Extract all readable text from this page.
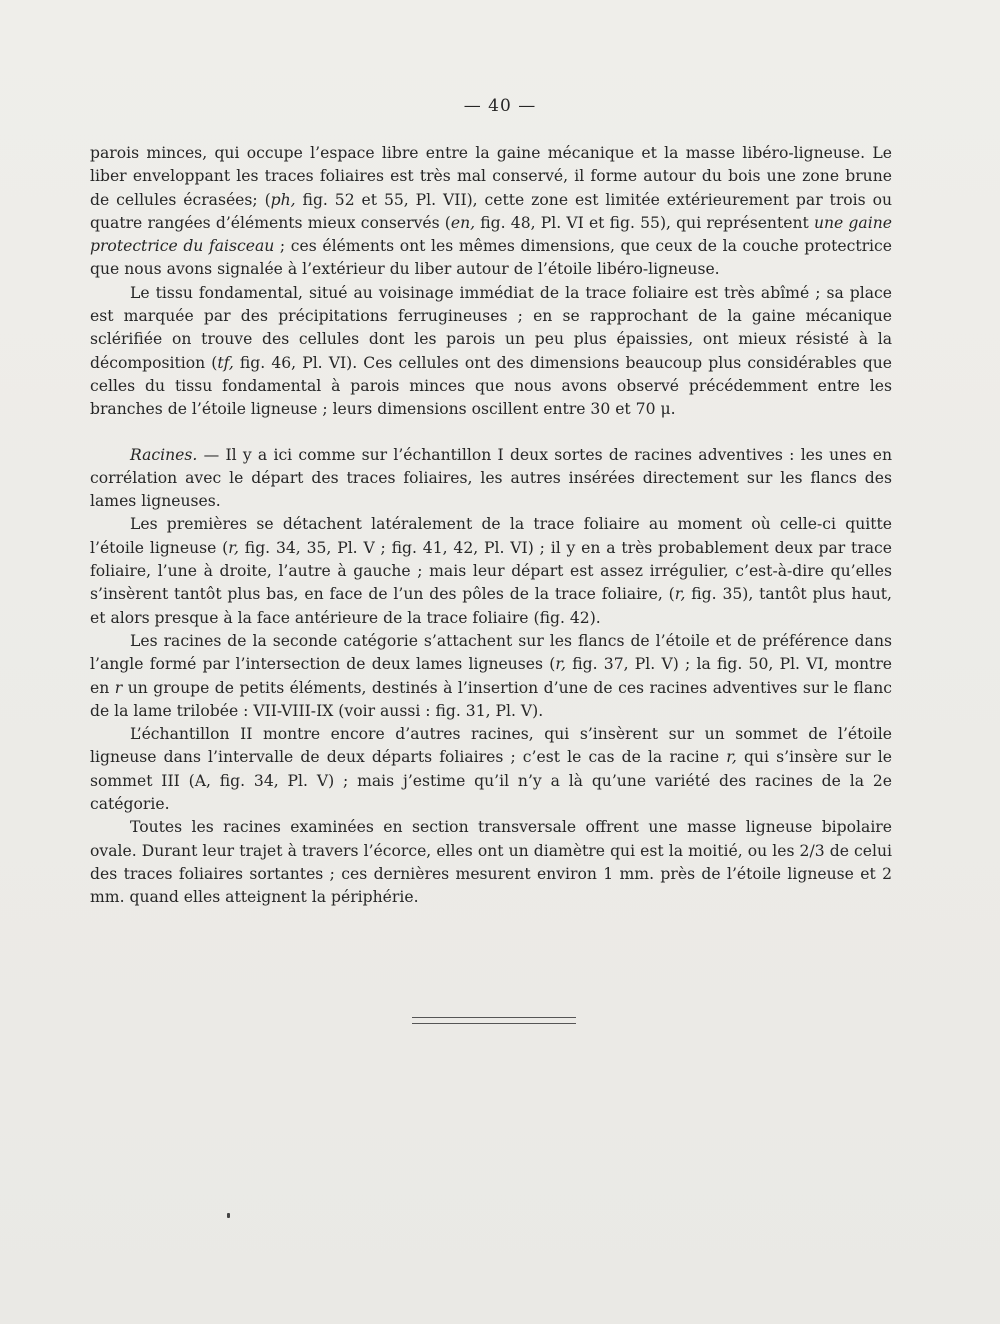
— 40 —

parois minces, qui occupe l’espace libre entre la gaine mécanique et la masse libéro-ligneuse. Le liber enveloppant les traces foliaires est très mal conservé, il forme autour du bois une zone brune de cellules écrasées; (ph, fig. 52 et 55, Pl. VII), cette zone est limitée extérieurement par trois ou quatre rangées d’éléments mieux conservés (en, fig. 48, Pl. VI et fig. 55), qui représentent une gaine protectrice du faisceau ; ces éléments ont les mêmes dimensions, que ceux de la couche protectrice que nous avons signalée à l’extérieur du liber autour de l’étoile libéro-ligneuse.

Le tissu fondamental, situé au voisinage immédiat de la trace foliaire est très abîmé ; sa place est marquée par des précipitations ferrugineuses ; en se rapprochant de la gaine mécanique sclérifiée on trouve des cellules dont les parois un peu plus épaissies, ont mieux résisté à la décomposition (tf, fig. 46, Pl. VI). Ces cellules ont des dimensions beaucoup plus considérables que celles du tissu fondamental à parois minces que nous avons observé précédemment entre les branches de l’étoile ligneuse ; leurs dimensions oscillent entre 30 et 70 μ.

Racines. — Il y a ici comme sur l’échantillon I deux sortes de racines adventives : les unes en corrélation avec le départ des traces foliaires, les autres insérées directement sur les flancs des lames ligneuses.

Les premières se détachent latéralement de la trace foliaire au moment où celle-ci quitte l’étoile ligneuse (r, fig. 34, 35, Pl. V ; fig. 41, 42, Pl. VI) ; il y en a très probablement deux par trace foliaire, l’une à droite, l’autre à gauche ; mais leur départ est assez irrégulier, c’est-à-dire qu’elles s’insèrent tantôt plus bas, en face de l’un des pôles de la trace foliaire, (r, fig. 35), tantôt plus haut, et alors presque à la face antérieure de la trace foliaire (fig. 42).

Les racines de la seconde catégorie s’attachent sur les flancs de l’étoile et de préférence dans l’angle formé par l’intersection de deux lames ligneuses (r, fig. 37, Pl. V) ; la fig. 50, Pl. VI, montre en r un groupe de petits éléments, destinés à l’insertion d’une de ces racines adventives sur le flanc de la lame trilobée : VII-VIII-IX (voir aussi : fig. 31, Pl. V).

L’échantillon II montre encore d’autres racines, qui s’insèrent sur un sommet de l’étoile ligneuse dans l’intervalle de deux départs foliaires ; c’est le cas de la racine r, qui s’insère sur le sommet III (A, fig. 34, Pl. V) ; mais j’estime qu’il n’y a là qu’une variété des racines de la 2e catégorie.

Toutes les racines examinées en section transversale offrent une masse ligneuse bipolaire ovale. Durant leur trajet à travers l’écorce, elles ont un diamètre qui est la moitié, ou les 2/3 de celui des traces foliaires sortantes ; ces dernières mesurent environ 1 mm. près de l’étoile ligneuse et 2 mm. quand elles atteignent la périphérie.
